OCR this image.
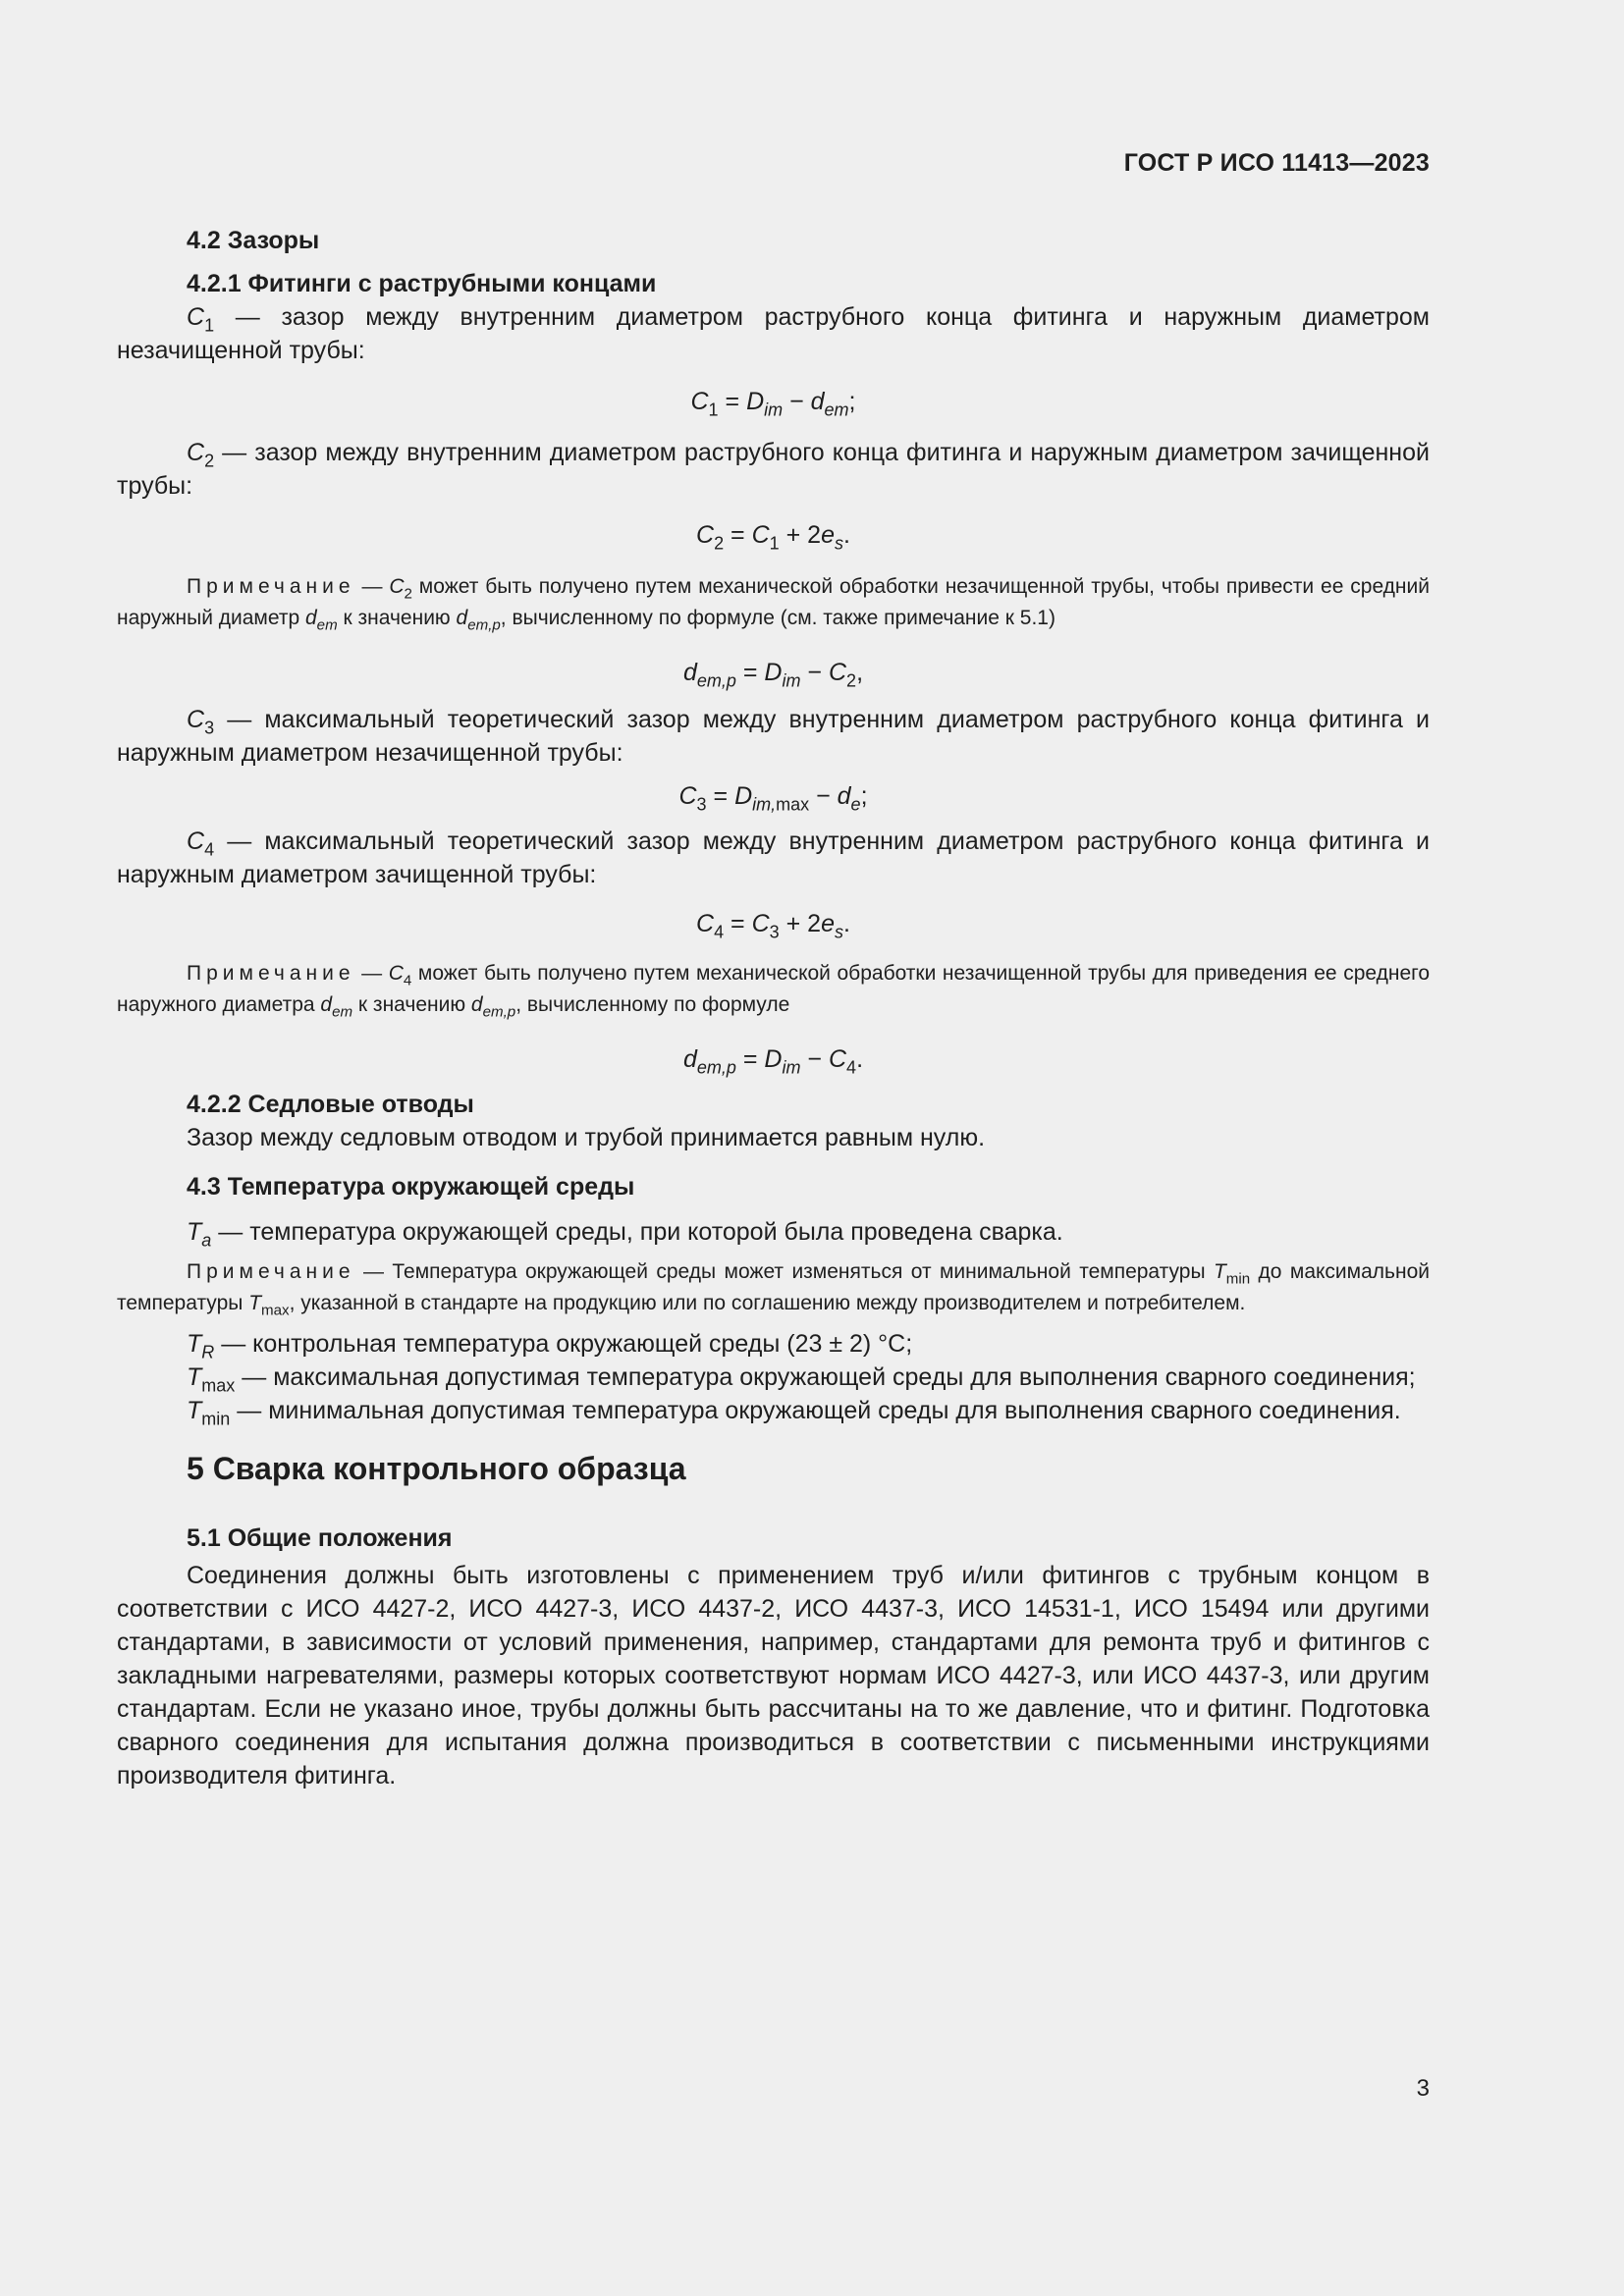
ГОСТ Р ИСО 11413—2023
4.2 Зазоры
4.2.1 Фитинги с раструбными концами

$C_1$ — зазор между внутренним диаметром раструбного конца фитинга и наружным диаметром незачищенной трубы:

$C_1 = D_{im} - d_{em}$;

$C_2$ — зазор между внутренним диаметром раструбного конца фитинга и наружным диаметром зачищенной трубы:

$C_2 = C_1 + 2e_s$.

Примечание — $C_2$ может быть получено путем механической обработки незачищенной трубы, чтобы привести ее средний наружный диаметр $d_{em}$ к значению $d_{em,p}$, вычисленному по формуле (см. также примечание к 5.1)

$d_{em,p} = D_{im} - C_2$,

$C_3$ — максимальный теоретический зазор между внутренним диаметром раструбного конца фитинга и наружным диаметром незачищенной трубы:

$C_3 = D_{im,max} - d_e$;

$C_4$ — максимальный теоретический зазор между внутренним диаметром раструбного конца фитинга и наружным диаметром зачищенной трубы:

$C_4 = C_3 + 2e_s$.

Примечание — $C_4$ может быть получено путем механической обработки незачищенной трубы для приведения ее среднего наружного диаметра $d_{em}$ к значению $d_{em,p}$, вычисленному по формуле

$d_{em,p} = D_{im} - C_4$.
4.2.2 Седловые отводы

Зазор между седловым отводом и трубой принимается равным нулю.

4.3 Температура окружающей среды

$T_a$ — температура окружающей среды, при которой была проведена сварка.

Примечание — Температура окружающей среды может изменяться от минимальной температуры $T_{min}$ до максимальной температуры $T_{max}$, указанной в стандарте на продукцию или по соглашению между производителем и потребителем.

$T_R$ — контрольная температура окружающей среды (23 ± 2) °C;

$T_{max}$ — максимальная допустимая температура окружающей среды для выполнения сварного соединения;

$T_{min}$ — минимальная допустимая температура окружающей среды для выполнения сварного соединения.

5 Сварка контрольного образца
5.1 Общие положения

Соединения должны быть изготовлены с применением труб и/или фитингов с трубным концом в соответствии с ИСО 4427-2, ИСО 4427-3, ИСО 4437-2, ИСО 4437-3, ИСО 14531-1, ИСО 15494 или другими стандартами, в зависимости от условий применения, например, стандартами для ремонта труб и фитингов с закладными нагревателями, размеры которых соответствуют нормам ИСО 4427-3, или ИСО 4437-3, или другим стандартам. Если не указано иное, трубы должны быть рассчитаны на то же давление, что и фитинг. Подготовка сварного соединения для испытания должна производиться в соответствии с письменными инструкциями производителя фитинга.

3
